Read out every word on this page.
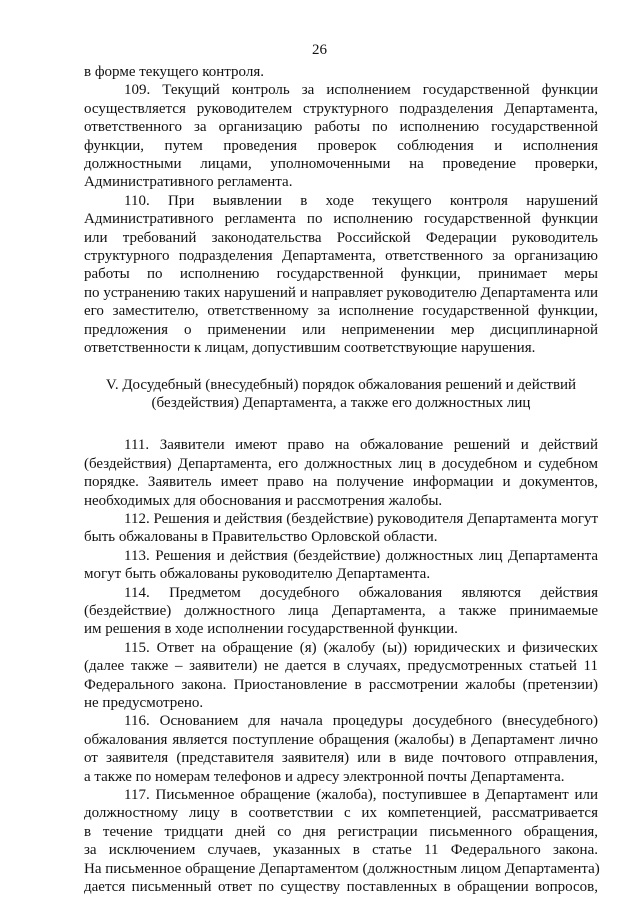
26
в форме текущего контроля.
109. Текущий контроль за исполнением государственной функции
осуществляется руководителем структурного подразделения Департамента,
ответственного за организацию работы по исполнению государственной
функции, путем проведения проверок соблюдения и исполнения
должностными лицами, уполномоченными на проведение проверки,
Административного регламента.
110. При выявлении в ходе текущего контроля нарушений
Административного регламента по исполнению государственной функции
или требований законодательства Российской Федерации руководитель
структурного подразделения Департамента, ответственного за организацию
работы по исполнению государственной функции, принимает меры
по устранению таких нарушений и направляет руководителю Департамента или
его заместителю, ответственному за исполнение государственной функции,
предложения о применении или неприменении мер дисциплинарной
ответственности к лицам, допустившим соответствующие нарушения.
V. Досудебный (внесудебный) порядок обжалования решений и действий
(бездействия) Департамента, а также его должностных лиц
111. Заявители имеют право на обжалование решений и действий
(бездействия) Департамента, его должностных лиц в досудебном и судебном
порядке. Заявитель имеет право на получение информации и документов,
необходимых для обоснования и рассмотрения жалобы.
112. Решения и действия (бездействие) руководителя Департамента могут
быть обжалованы в Правительство Орловской области.
113. Решения и действия (бездействие) должностных лиц Департамента
могут быть обжалованы руководителю Департамента.
114. Предметом досудебного обжалования являются действия
(бездействие) должностного лица Департамента, а также принимаемые
им решения в ходе исполнении государственной функции.
115. Ответ на обращение (я) (жалобу (ы)) юридических и физических
(далее также – заявители) не дается в случаях, предусмотренных статьей 11
Федерального закона. Приостановление в рассмотрении жалобы (претензии)
не предусмотрено.
116. Основанием для начала процедуры досудебного (внесудебного)
обжалования является поступление обращения (жалобы) в Департамент лично
от заявителя (представителя заявителя) или в виде почтового отправления,
а также по номерам телефонов и адресу электронной почты Департамента.
117. Письменное обращение (жалоба), поступившее в Департамент или
должностному лицу в соответствии с их компетенцией, рассматривается
в течение тридцати дней со дня регистрации письменного обращения,
за исключением случаев, указанных в статье 11 Федерального закона.
На письменное обращение Департаментом (должностным лицом Департамента)
дается письменный ответ по существу поставленных в обращении вопросов,
